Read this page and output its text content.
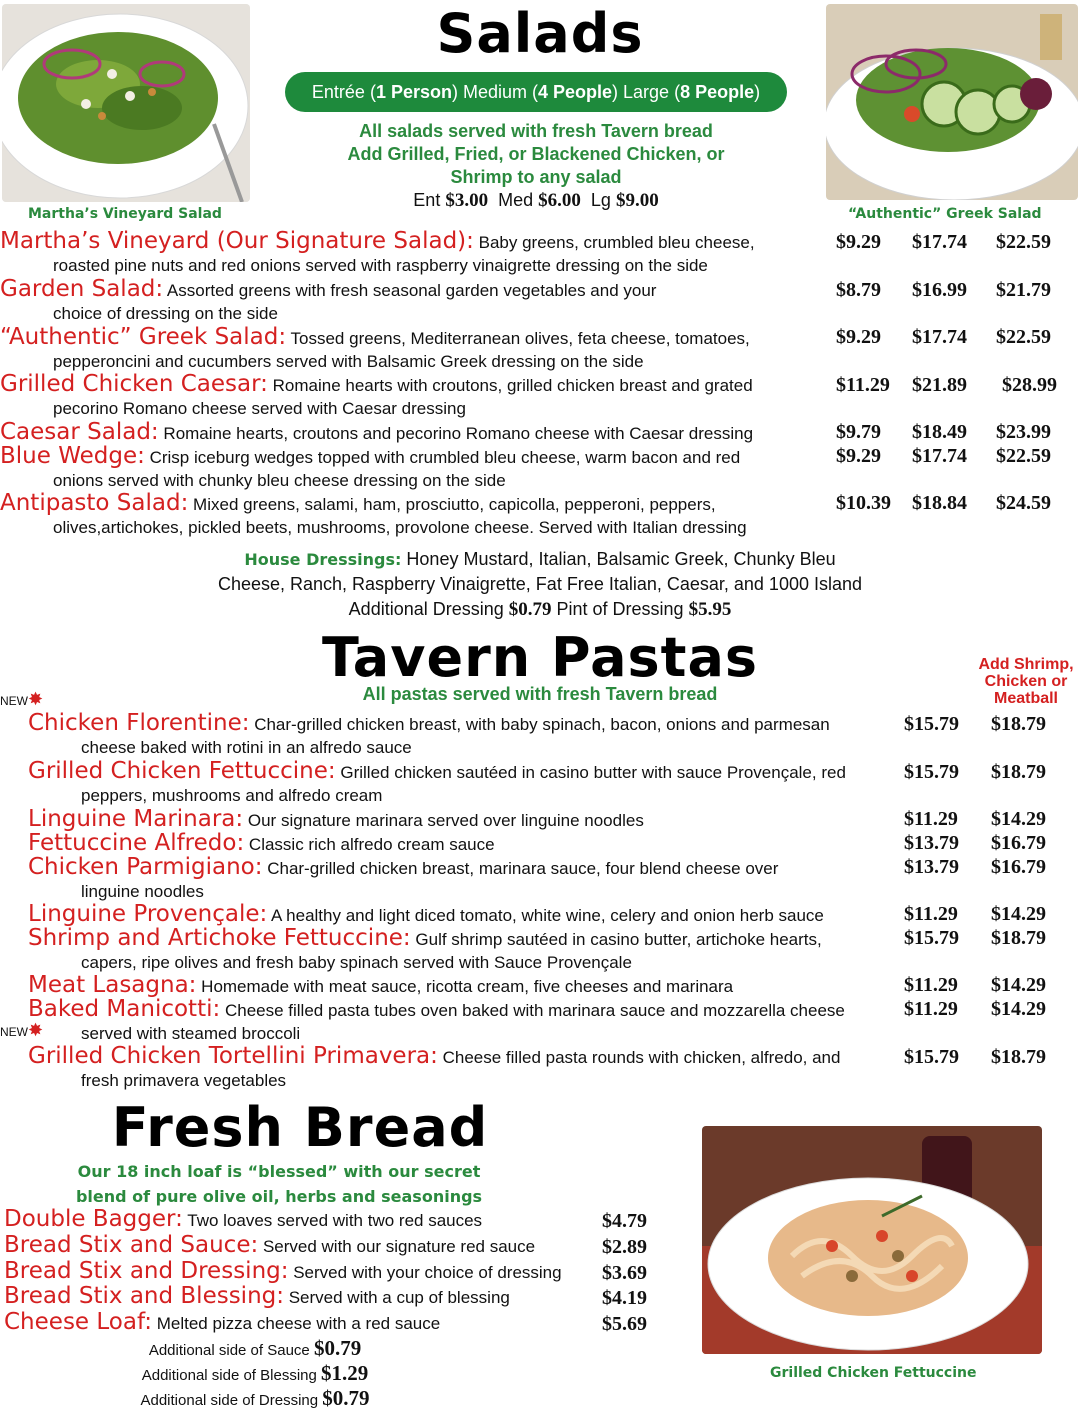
Martha’s Vineyard Salad	“Authentic” Greek Salad
Salads
Entrée (1 Person) Medium (4 People) Large (8 People)
All salads served with fresh Tavern bread
Add Grilled, Fried, or Blackened Chicken, or
Shrimp to any salad
Ent $3.00 Med $6.00 Lg $9.00
Martha’s Vineyard (Our Signature Salad): Baby greens, crumbled bleu cheese,
roasted pine nuts and red onions served with raspberry vinaigrette dressing on the side
Garden Salad: Assorted greens with fresh seasonal garden vegetables and your
choice of dressing on the side
“Authentic” Greek Salad: Tossed greens, Mediterranean olives, feta cheese, tomatoes,
pepperoncini and cucumbers served with Balsamic Greek dressing on the side
Grilled Chicken Caesar: Romaine hearts with croutons, grilled chicken breast and grated
pecorino Romano cheese served with Caesar dressing
Caesar Salad: Romaine hearts, croutons and pecorino Romano cheese with Caesar dressing
Blue Wedge: Crisp iceburg wedges topped with crumbled bleu cheese, warm bacon and red
onions served with chunky bleu cheese dressing on the side
Antipasto Salad: Mixed greens, salami, ham, prosciutto, capicolla, pepperoni, peppers,
olives,artichokes, pickled beets, mushrooms, provolone cheese. Served with Italian dressing
$9.29 $17.74 $22.59
$8.79 $16.99 $21.79
$9.29 $17.74 $22.59
$11.29 $21.89 $28.99
$9.79 $18.49 $23.99
$9.29 $17.74 $22.59
$10.39 $18.84 $24.59
House Dressings: Honey Mustard, Italian, Balsamic Greek, Chunky Bleu
Cheese, Ranch, Raspberry Vinaigrette, Fat Free Italian, Caesar, and 1000 Island
Additional Dressing $0.79 Pint of Dressing $5.95
Tavern Pastas
All pastas served with fresh Tavern bread
Add Shrimp,
Chicken or
Meatball
NEW✸
NEW✸
Chicken Florentine: Char-grilled chicken breast, with baby spinach, bacon, onions and parmesan
cheese baked with rotini in an alfredo sauce
Grilled Chicken Fettuccine: Grilled chicken sautéed in casino butter with sauce Provençale, red
peppers, mushrooms and alfredo cream
Linguine Marinara: Our signature marinara served over linguine noodles
Fettuccine Alfredo: Classic rich alfredo cream sauce
Chicken Parmigiano: Char-grilled chicken breast, marinara sauce, four blend cheese over
linguine noodles
Linguine Provençale: A healthy and light diced tomato, white wine, celery and onion herb sauce
Shrimp and Artichoke Fettuccine: Gulf shrimp sautéed in casino butter, artichoke hearts,
capers, ripe olives and fresh baby spinach served with Sauce Provençale
Meat Lasagna: Homemade with meat sauce, ricotta cream, five cheeses and marinara
Baked Manicotti: Cheese filled pasta tubes oven baked with marinara sauce and mozzarella cheese
served with steamed broccoli
Grilled Chicken Tortellini Primavera: Cheese filled pasta rounds with chicken, alfredo, and
fresh primavera vegetables
$15.79 $18.79
$15.79 $18.79
$11.29 $14.29
$13.79 $16.79
$13.79 $16.79
$11.29 $14.29
$15.79 $18.79
$11.29 $14.29
$11.29 $14.29
$15.79 $18.79
Fresh Bread
Our 18 inch loaf is “blessed” with our secret
blend of pure olive oil, herbs and seasonings
Double Bagger: Two loaves served with two red sauces
Bread Stix and Sauce: Served with our signature red sauce
Bread Stix and Dressing: Served with your choice of dressing
Bread Stix and Blessing: Served with a cup of blessing
Cheese Loaf: Melted pizza cheese with a red sauce
$4.79
$2.89
$3.69
$4.19
$5.69
Additional side of Sauce $0.79
Additional side of Blessing $1.29
Additional side of Dressing $0.79
Grilled Chicken Fettuccine
